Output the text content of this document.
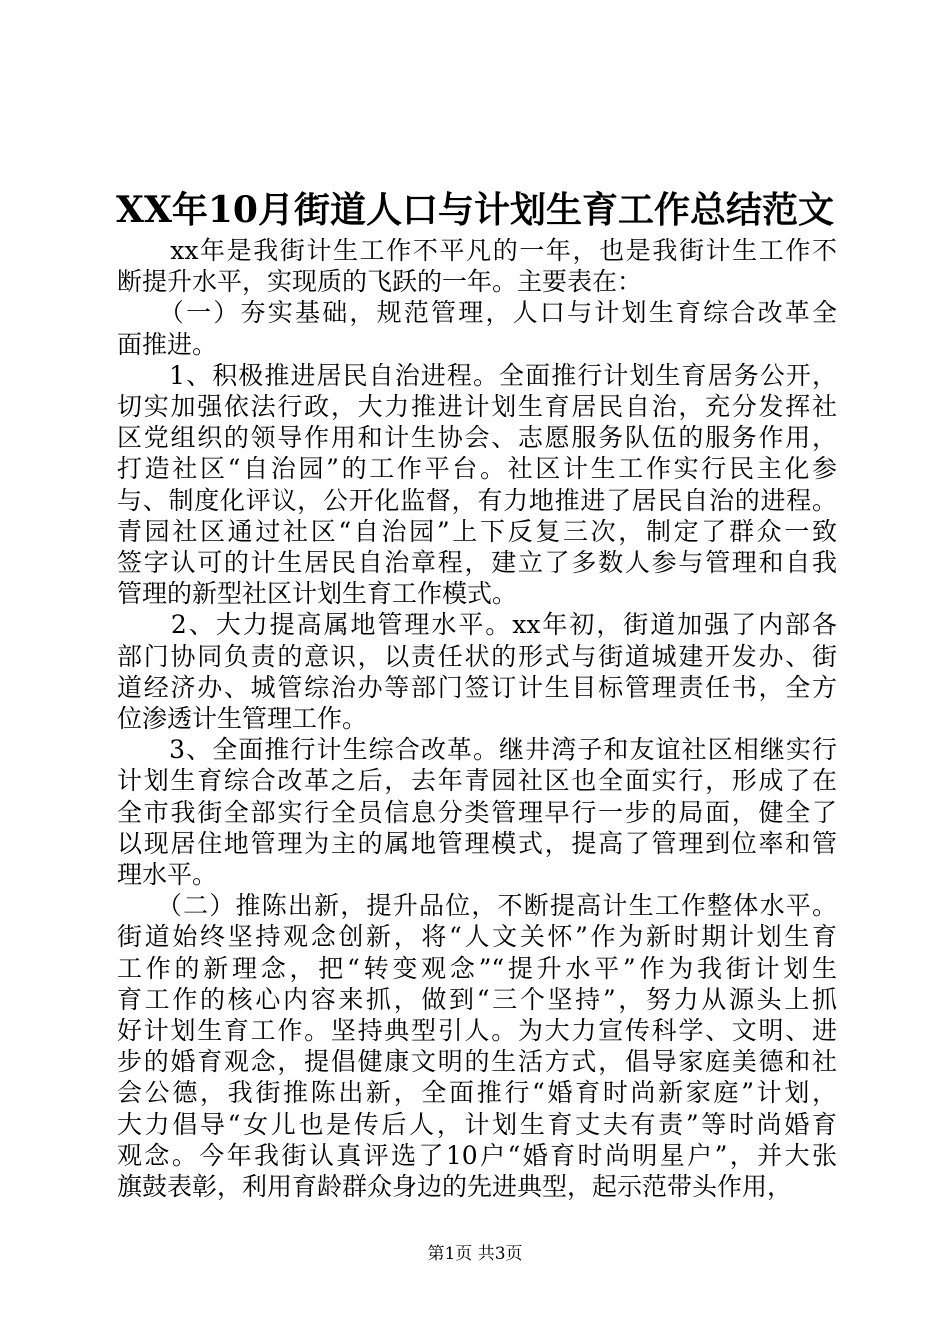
XX年10月街道人口与计划生育工作总结范文
　　xx年是我街计生工作不平凡的一年，也是我街计生工作不
断提升水平，实现质的飞跃的一年。主要表在：
　　（一）夯实基础，规范管理，人口与计划生育综合改革全
面推进。
　　1、积极推进居民自治进程。全面推行计划生育居务公开，
切实加强依法行政，大力推进计划生育居民自治，充分发挥社
区党组织的领导作用和计生协会、志愿服务队伍的服务作用，
打造社区“自治园”的工作平台。社区计生工作实行民主化参
与、制度化评议，公开化监督，有力地推进了居民自治的进程。
青园社区通过社区“自治园”上下反复三次，制定了群众一致
签字认可的计生居民自治章程，建立了多数人参与管理和自我
管理的新型社区计划生育工作模式。
　　2、大力提高属地管理水平。xx年初，街道加强了内部各
部门协同负责的意识，以责任状的形式与街道城建开发办、街
道经济办、城管综治办等部门签订计生目标管理责任书，全方
位渗透计生管理工作。
　　3、全面推行计生综合改革。继井湾子和友谊社区相继实行
计划生育综合改革之后，去年青园社区也全面实行，形成了在
全市我街全部实行全员信息分类管理早行一步的局面，健全了
以现居住地管理为主的属地管理模式，提高了管理到位率和管
理水平。
　　（二）推陈出新，提升品位，不断提高计生工作整体水平。
街道始终坚持观念创新，将“人文关怀”作为新时期计划生育
工作的新理念，把“转变观念”“提升水平”作为我街计划生
育工作的核心内容来抓，做到“三个坚持”，努力从源头上抓
好计划生育工作。坚持典型引人。为大力宣传科学、文明、进
步的婚育观念，提倡健康文明的生活方式，倡导家庭美德和社
会公德，我街推陈出新，全面推行“婚育时尚新家庭”计划，
大力倡导“女儿也是传后人，计划生育丈夫有责”等时尚婚育
观念。今年我街认真评选了10户“婚育时尚明星户”，并大张
旗鼓表彰，利用育龄群众身边的先进典型，起示范带头作用，
第1页 共3页
